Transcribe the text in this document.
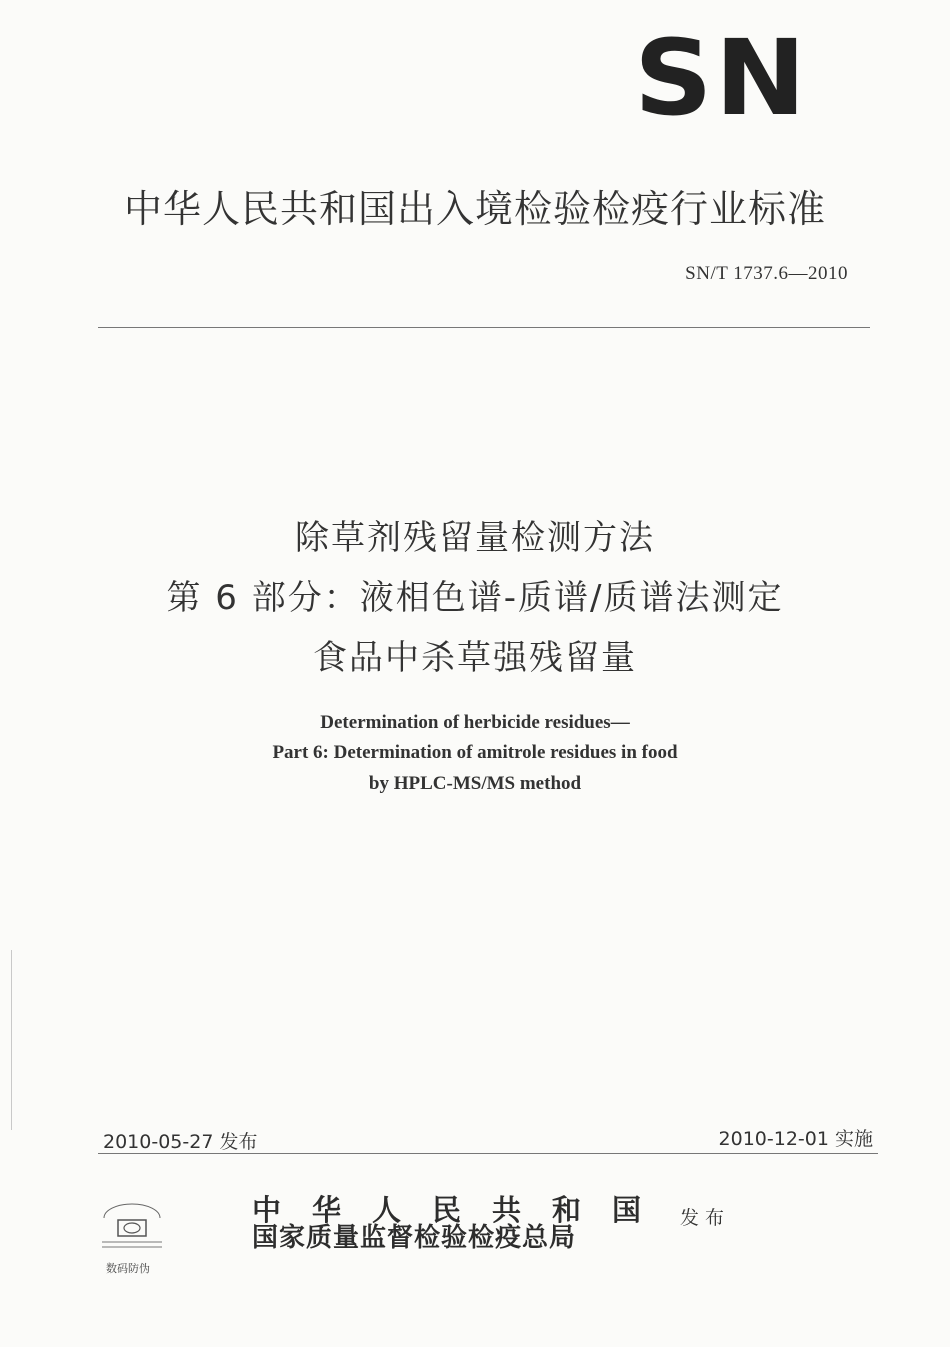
SN
中华人民共和国出入境检验检疫行业标准
SN/T 1737.6—2010
除草剂残留量检测方法
第 6 部分：液相色谱-质谱/质谱法测定
食品中杀草强残留量
Determination of herbicide residues—
Part 6: Determination of amitrole residues in food
by HPLC-MS/MS method
2010-05-27 发布	2010-12-01 实施
数码防伪
中华人民共和国
国家质量监督检验检疫总局
发布
